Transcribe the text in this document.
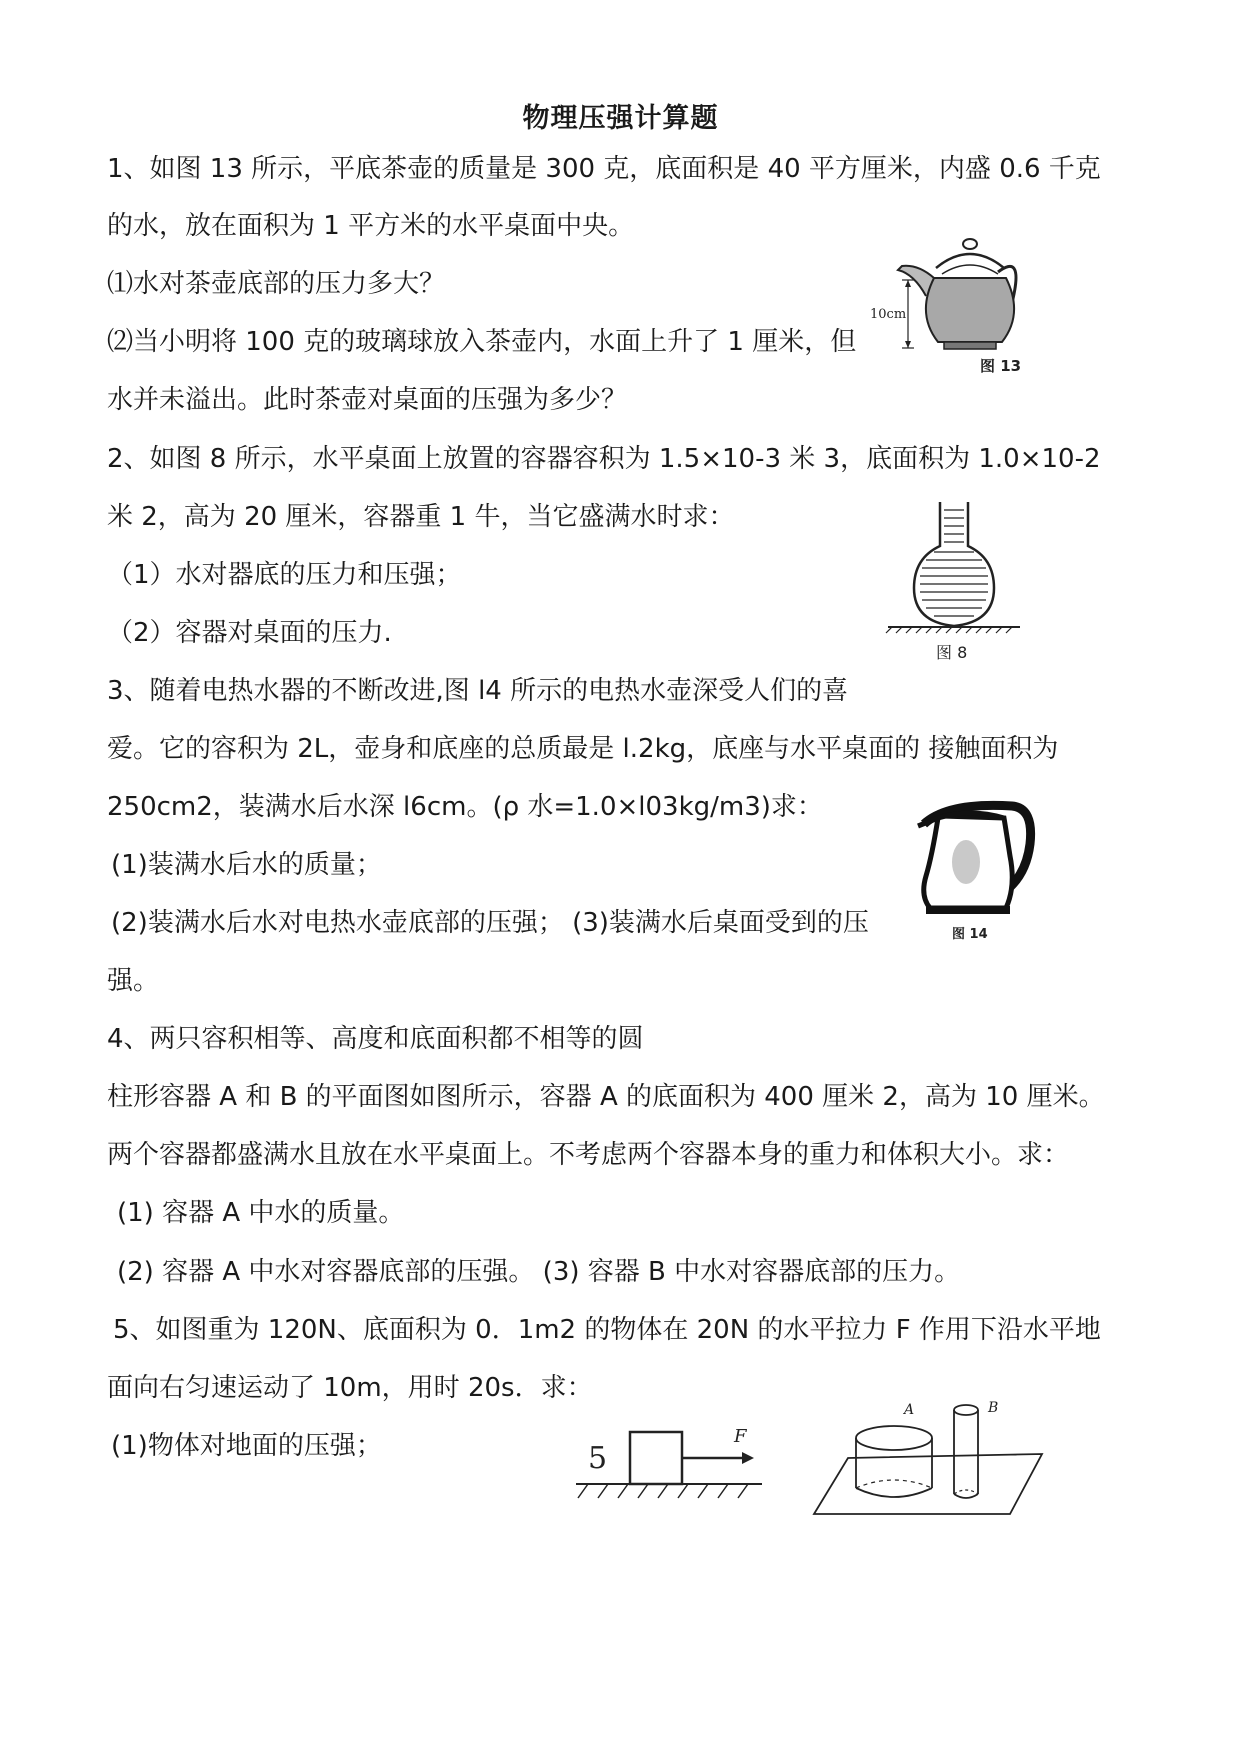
物理压强计算题
1、如图 13 所示，平底茶壶的质量是 300 克，底面积是 40 平方厘米，内盛 0.6 千克
的水，放在面积为 1 平方米的水平桌面中央。
⑴水对茶壶底部的压力多大？
⑵当小明将 100 克的玻璃球放入茶壶内，水面上升了 1 厘米，但
水并未溢出。此时茶壶对桌面的压强为多少？
2、如图 8 所示，水平桌面上放置的容器容积为 1.5×10-3 米 3，底面积为 1.0×10-2
米 2，高为 20 厘米，容器重 1 牛，当它盛满水时求：
（1）水对器底的压力和压强；
（2）容器对桌面的压力.
3、随着电热水器的不断改进,图 l4 所示的电热水壶深受人们的喜
爱。它的容积为 2L，壶身和底座的总质最是 l.2kg，底座与水平桌面的 接触面积为
250cm2，装满水后水深 l6cm。(ρ 水=1.0×l03kg/m3)求：
(1)装满水后水的质量；
(2)装满水后水对电热水壶底部的压强； (3)装满水后桌面受到的压
强。
4、两只容积相等、高度和底面积都不相等的圆
柱形容器 A 和 B 的平面图如图所示，容器 A 的底面积为 400 厘米 2，高为 10 厘米。
两个容器都盛满水且放在水平桌面上。不考虑两个容器本身的重力和体积大小。求：
(1) 容器 A 中水的质量。
(2) 容器 A 中水对容器底部的压强。 (3) 容器 B 中水对容器底部的压力。
5、如图重为 120N、底面积为 0．1m2 的物体在 20N 的水平拉力 F 作用下沿水平地
面向右匀速运动了 10m，用时 20s．求：
(1)物体对地面的压强；
10cm
图 13
图 8
图 14
5
F
A	B
